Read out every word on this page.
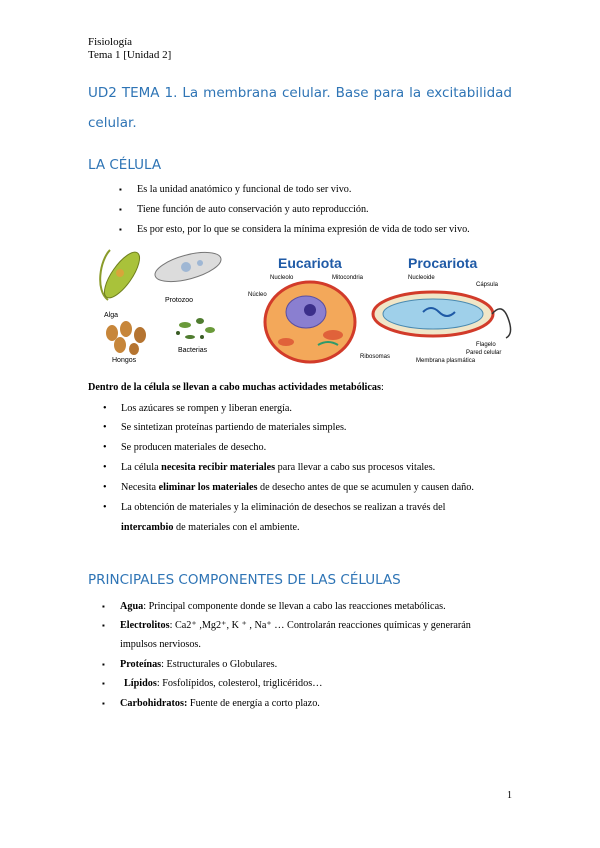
Fisiología
Tema 1 [Unidad 2]
UD2 TEMA 1. La membrana celular. Base para la excitabilidad celular.
LA CÉLULA
▪ Es la unidad anatómico y funcional de todo ser vivo.
▪ Tiene función de auto conservación y auto reproducción.
▪ Es por esto, por lo que se considera la mínima expresión de vida de todo ser vivo.
Alga
Protozoo
Hongos
Bacterias
Eucariota	Procariota
Nucleolo	Mitocondria
Núcleo
Ribosomas
Nucleoide
Cápsula
Flagelo
Pared celular
Membrana plasmática
Dentro de la célula se llevan a cabo muchas actividades metabólicas:
• Los azúcares se rompen y liberan energía.
• Se sintetizan proteínas partiendo de materiales simples.
• Se producen materiales de desecho.
• La célula necesita recibir materiales para llevar a cabo sus procesos vitales.
• Necesita eliminar los materiales de desecho antes de que se acumulen y causen daño.
• La obtención de materiales y la eliminación de desechos se realizan a través del
intercambio de materiales con el ambiente.
PRINCIPALES COMPONENTES DE LAS CÉLULAS
▪ Agua: Principal componente donde se llevan a cabo las reacciones metabólicas.
▪ Electrolitos: Ca2⁺ ,Mg2⁺, K ⁺ , Na⁺ … Controlarán reacciones químicas y generarán
impulsos nerviosos.
▪ Proteínas: Estructurales o Globulares.
▪ Lípidos: Fosfolípidos, colesterol, triglicéridos…
▪ Carbohidratos: Fuente de energía a corto plazo.
1
